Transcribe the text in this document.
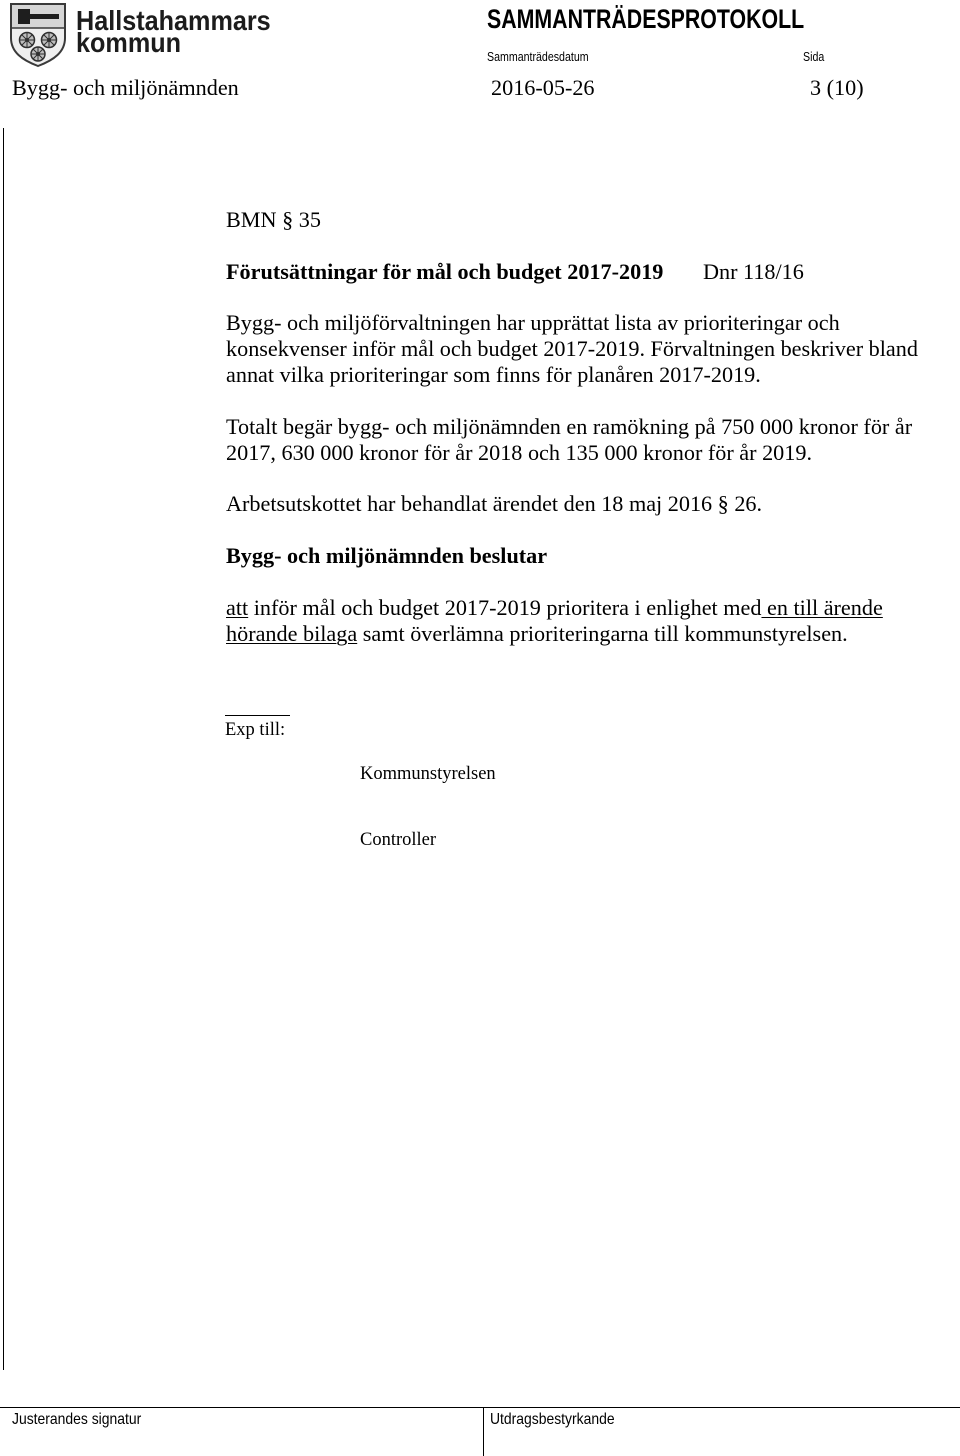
Hallstahammars
kommun
SAMMANTRÄDESPROTOKOLL
Sammanträdesdatum	Sida
Bygg- och miljönämnden	2016-05-26	3 (10)
BMN § 35
Förutsättningar för mål och budget 2017-2019 Dnr 118/16
Bygg- och miljöförvaltningen har upprättat lista av prioriteringar och
konsekvenser inför mål och budget 2017-2019. Förvaltningen beskriver bland
annat vilka prioriteringar som finns för planåren 2017-2019.
Totalt begär bygg- och miljönämnden en ramökning på 750 000 kronor för år
2017, 630 000 kronor för år 2018 och 135 000 kronor för år 2019.
Arbetsutskottet har behandlat ärendet den 18 maj 2016 § 26.
Bygg- och miljönämnden beslutar
att inför mål och budget 2017-2019 prioritera i enlighet med en till ärende
hörande bilaga samt överlämna prioriteringarna till kommunstyrelsen.
Exp till:

Kommunstyrelsen

Controller

Justerandes signatur	Utdragsbestyrkande
